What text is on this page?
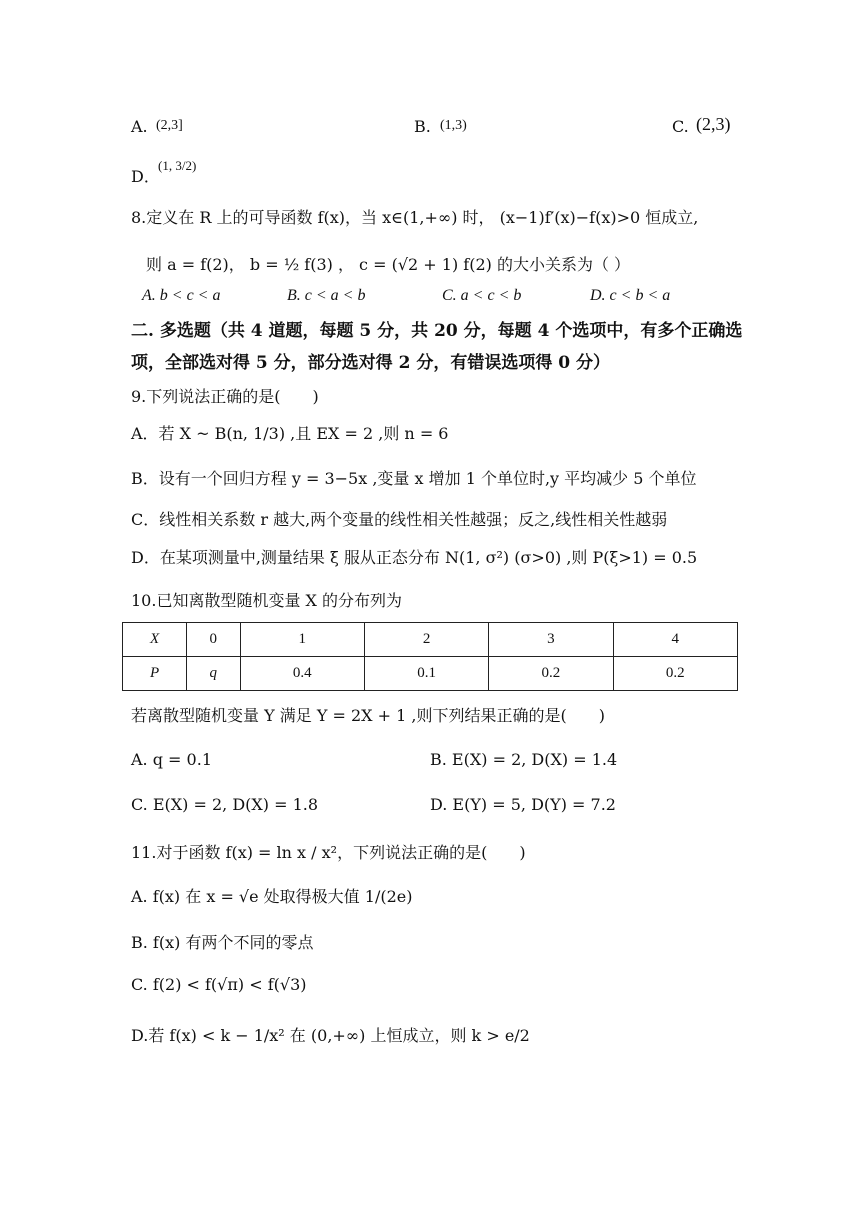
A. (2,3]	B. (1,3)	C. (2,3)
D．
(1, 3/2)
8.定义在 R 上的可导函数 f(x)，当 x∈(1,+∞) 时， (x−1)f′(x)−f(x)>0 恒成立,
则 a = f(2)， b = ½ f(3) ， c = (√2 + 1) f(2) 的大小关系为（ ）
A. b < c < a	B. c < a < b	C. a < c < b	D. c < b < a
二. 多选题（共 4 道题，每题 5 分，共 20 分，每题 4 个选项中，有多个正确选
项，全部选对得 5 分，部分选对得 2 分，有错误选项得 0 分）
9.下列说法正确的是(　　)
A．若 X ~ B(n, 1/3) ,且 EX = 2 ,则 n = 6
B．设有一个回归方程 y = 3−5x ,变量 x 增加 1 个单位时,y 平均减少 5 个单位
C．线性相关系数 r 越大,两个变量的线性相关性越强；反之,线性相关性越弱
D．在某项测量中,测量结果 ξ 服从正态分布 N(1, σ²) (σ>0) ,则 P(ξ>1) = 0.5
10.已知离散型随机变量 X 的分布列为
X	0	1	2	3	4
P	q	0.4	0.1	0.2	0.2
若离散型随机变量 Y 满足 Y = 2X + 1 ,则下列结果正确的是(　　)
A. q = 0.1	B. E(X) = 2, D(X) = 1.4
C. E(X) = 2, D(X) = 1.8	D. E(Y) = 5, D(Y) = 7.2
11.对于函数 f(x) = ln x / x²，下列说法正确的是(　　)
A. f(x) 在 x = √e 处取得极大值 1/(2e)
B. f(x) 有两个不同的零点
C. f(2) < f(√π) < f(√3)
D.若 f(x) < k − 1/x² 在 (0,+∞) 上恒成立，则 k > e/2
